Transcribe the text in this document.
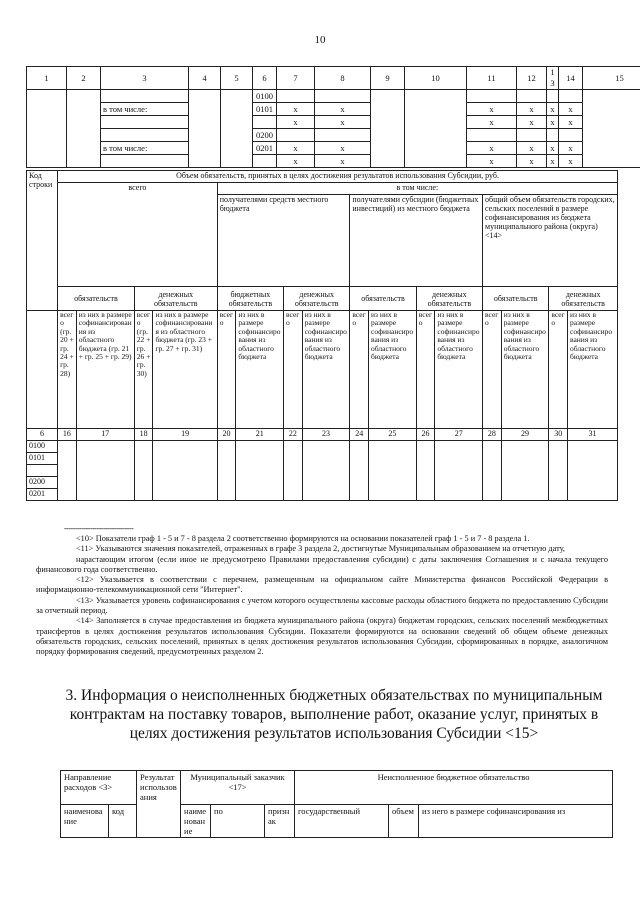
10
1	2	3	4	5	6	7	8	9	10	11	12	13	14	15
					0100									
		в том числе:			0101	x	x			x	x	x	x	
						x	x			x	x	x	x	
					0200									
		в том числе:			0201	x	x			x	x	x	x	
						x	x			x	x	x	x	
Код строки	Объем обязательств, принятых в целях достижения результатов использования Субсидии, руб.															
	всего				в том числе:											
					получателями средств местного бюджета				получателями субсидии (бюджетных инвестиций) из местного бюджета				общий объем обязательств городских, сельских поселений в размере софинансирования из бюджета муниципального района (округа) <14>			
	обязательств		денежных обязательств		бюджетных обязательств		денежных обязательств		обязательств		денежных обязательств		обязательств		денежных обязательств	
	всего (гр. 20 + гр. 24 + гр. 28)	из них в размере софинансирования из областного бюджета (гр. 21 + гр. 25 + гр. 29)	всего (гр. 22 + гр. 26 + гр. 30)	из них в размере софинансирования из областного бюджета (гр. 23 + гр. 27 + гр. 31)	всего	из них в размере софинансирования из областного бюджета	всего	из них в размере софинансирования из областного бюджета	всего	из них в размере софинансирования из областного бюджета	всего	из них в размере софинансирования из областного бюджета	всего	из них в размере софинансирования из областного бюджета	всего	из них в размере софинансирования из областного бюджета
6	16	17	18	19	20	21	22	23	24	25	26	27	28	29	30	31
0100																
0101																

0200																
0201																
--------------------------------

<10> Показатели граф 1 - 5 и 7 - 8 раздела 2 соответственно формируются на основании показателей граф 1 - 5 и 7 - 8 раздела 1.

<11> Указываются значения показателей, отраженных в графе 3 раздела 2, достигнутые Муниципальным образованием на отчетную дату,

нарастающим итогом (если иное не предусмотрено Правилами предоставления субсидии) с даты заключения Соглашения и с начала текущего финансового года соответственно.

<12> Указывается в соответствии с перечнем, размещенным на официальном сайте Министерства финансов Российской Федерации в информационно-телекоммуникационной сети "Интернет".

<13> Указывается уровень софинансирования с учетом которого осуществлены кассовые расходы областного бюджета по предоставлению Субсидии за отчетный период.

<14> Заполняется в случае предоставления из бюджета муниципального района (округа) бюджетам городских, сельских поселений межбюджетных трансфертов в целях достижения результатов использования Субсидии. Показатели формируются на основании сведений об общем объеме денежных обязательств городских, сельских поселений, принятых в целях достижения результатов использования Субсидии, сформированных в порядке, аналогичном порядку формирования сведений, предусмотренных разделом 2.

3. Информация о неисполненных бюджетных обязательствах по муниципальным контрактам на поставку товаров, выполнение работ, оказание услуг, принятых в целях достижения результатов использования Субсидии <15>
Направление расходов <3>		Результат использования	Муниципальный заказчик <17>			Неисполненное бюджетное обязательство		
наименование	код		наименование	по	признак	государственный	объем	из него в размере софинансирования из
